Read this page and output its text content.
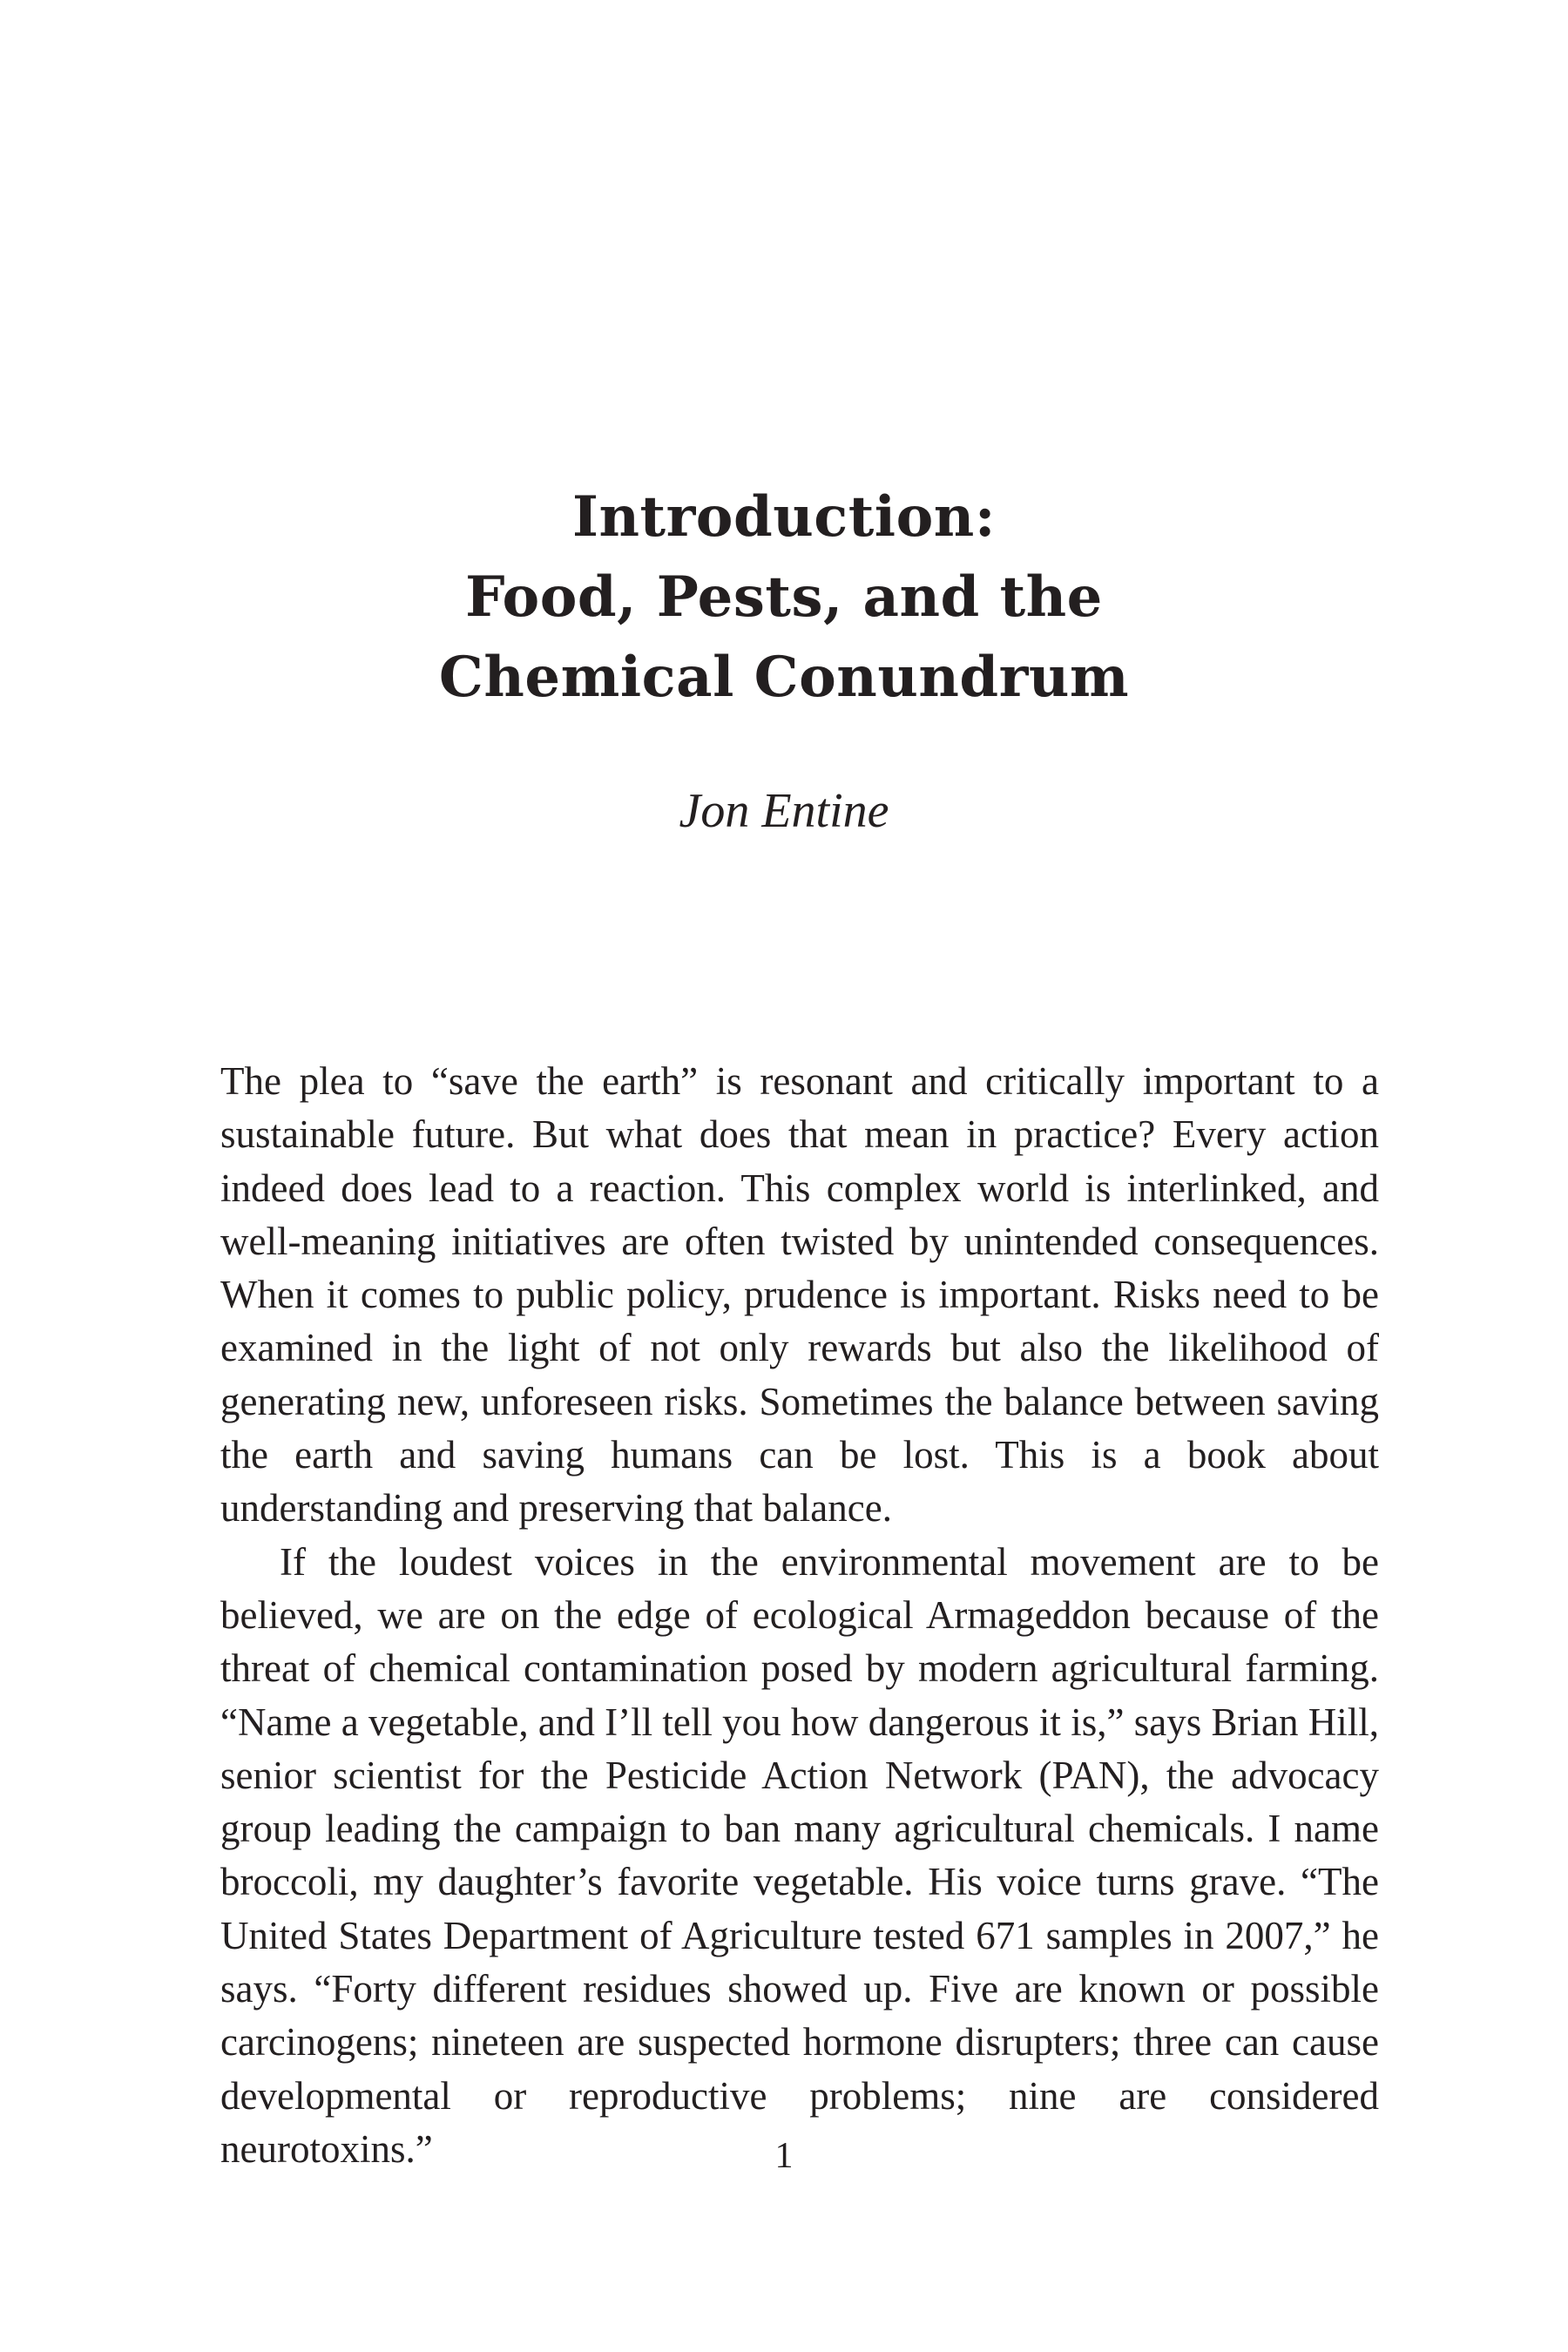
Introduction:
Food, Pests, and the
Chemical Conundrum
Jon Entine

The plea to “save the earth” is resonant and critically important to a sustainable future. But what does that mean in practice? Every action indeed does lead to a reaction. This complex world is interlinked, and well-meaning initiatives are often twisted by unintended consequences. When it comes to public policy, prudence is important. Risks need to be examined in the light of not only rewards but also the likelihood of generating new, unforeseen risks. Sometimes the balance between saving the earth and saving humans can be lost. This is a book about understanding and preserving that balance.

If the loudest voices in the environmental movement are to be believed, we are on the edge of ecological Armageddon because of the threat of chemical contamination posed by modern agricultural farming. “Name a vegetable, and I’ll tell you how dangerous it is,” says Brian Hill, senior scientist for the Pesticide Action Network (PAN), the advocacy group leading the campaign to ban many agricultural chemicals. I name broccoli, my daughter’s favorite vegetable. His voice turns grave. “The United States Department of Agriculture tested 671 samples in 2007,” he says. “Forty different residues showed up. Five are known or possible carcinogens; nineteen are suspected hormone disrupters; three can cause developmental or reproductive problems; nine are considered neurotoxins.”	1
